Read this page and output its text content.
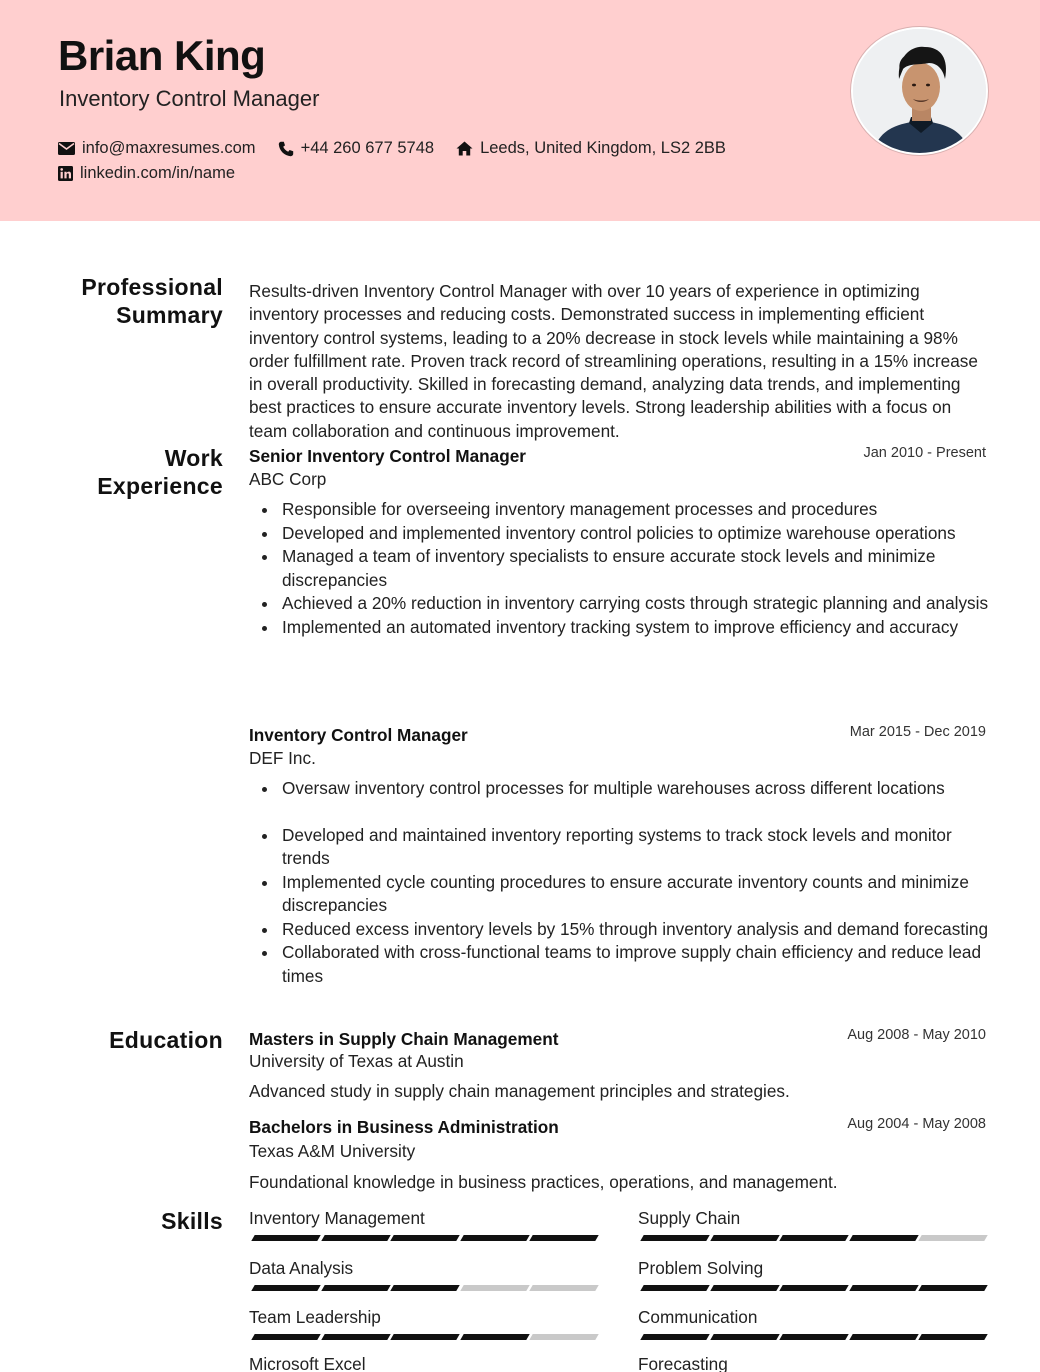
Brian King
Inventory Control Manager
info@maxresumes.com	+44 260 677 5748	Leeds, United Kingdom, LS2 2BB
linkedin.com/in/name
Professional
Summary
Results-driven Inventory Control Manager with over 10 years of experience in optimizing inventory processes and reducing costs. Demonstrated success in implementing efficient inventory control systems, leading to a 20% decrease in stock levels while maintaining a 98% order fulfillment rate. Proven track record of streamlining operations, resulting in a 15% increase in overall productivity. Skilled in forecasting demand, analyzing data trends, and implementing best practices to ensure accurate inventory levels. Strong leadership abilities with a focus on team collaboration and continuous improvement.
Work
Experience
Senior Inventory Control Manager	Jan 2010 - Present
ABC Corp
Responsible for overseeing inventory management processes and procedures
Developed and implemented inventory control policies to optimize warehouse operations
Managed a team of inventory specialists to ensure accurate stock levels and minimize discrepancies
Achieved a 20% reduction in inventory carrying costs through strategic planning and analysis
Implemented an automated inventory tracking system to improve efficiency and accuracy
Inventory Control Manager	Mar 2015 - Dec 2019
DEF Inc.
Oversaw inventory control processes for multiple warehouses across different locations
Developed and maintained inventory reporting systems to track stock levels and monitor trends
Implemented cycle counting procedures to ensure accurate inventory counts and minimize discrepancies
Reduced excess inventory levels by 15% through inventory analysis and demand forecasting
Collaborated with cross-functional teams to improve supply chain efficiency and reduce lead times
Education Masters in Supply Chain Management	Aug 2008 - May 2010
University of Texas at Austin
Advanced study in supply chain management principles and strategies.
Bachelors in Business Administration	Aug 2004 - May 2008
Texas A&M University
Foundational knowledge in business practices, operations, and management.
Skills Inventory Management	Supply Chain
Data Analysis	Problem Solving
Team Leadership	Communication
Microsoft Excel	Forecasting
